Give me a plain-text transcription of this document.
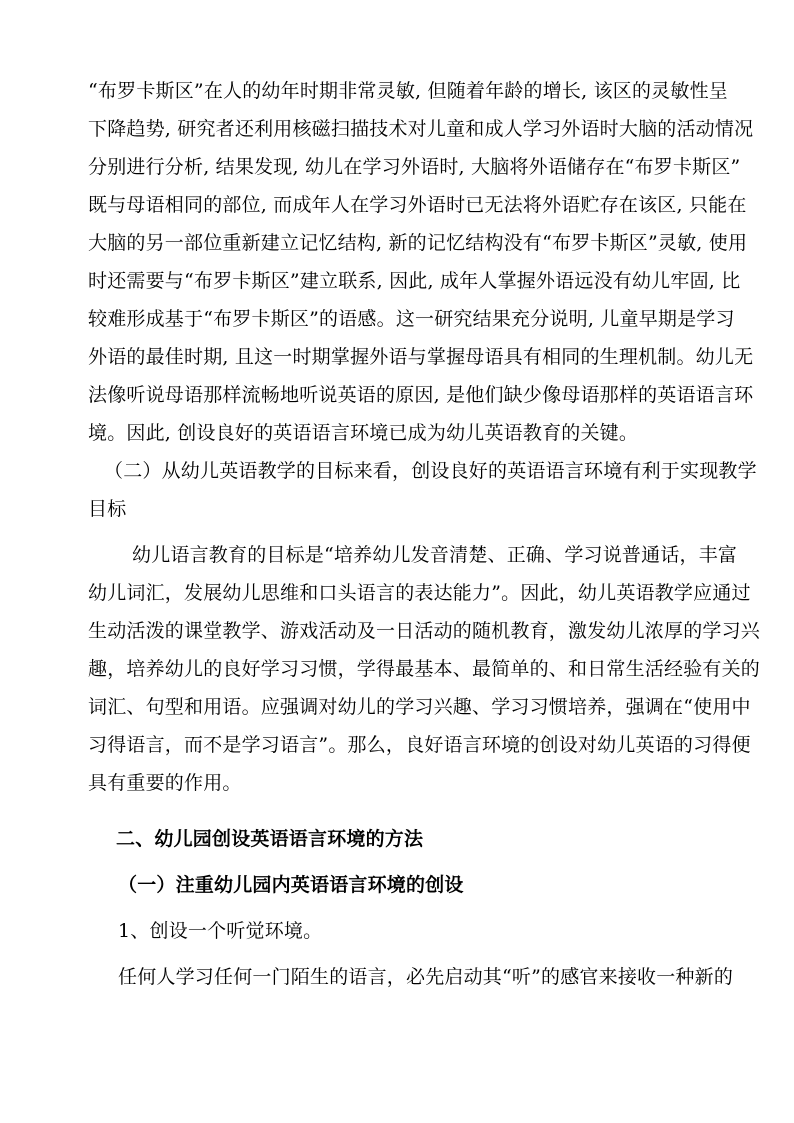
“布罗卡斯区”在人的幼年时期非常灵敏, 但随着年龄的增长, 该区的灵敏性呈
下降趋势, 研究者还利用核磁扫描技术对儿童和成人学习外语时大脑的活动情况
分别进行分析, 结果发现, 幼儿在学习外语时, 大脑将外语储存在“布罗卡斯区”
既与母语相同的部位, 而成年人在学习外语时已无法将外语贮存在该区, 只能在
大脑的另一部位重新建立记忆结构, 新的记忆结构没有“布罗卡斯区”灵敏, 使用
时还需要与“布罗卡斯区”建立联系, 因此, 成年人掌握外语远没有幼儿牢固, 比
较难形成基于“布罗卡斯区”的语感。这一研究结果充分说明, 儿童早期是学习
外语的最佳时期, 且这一时期掌握外语与掌握母语具有相同的生理机制。幼儿无
法像听说母语那样流畅地听说英语的原因, 是他们缺少像母语那样的英语语言环
境。因此, 创设良好的英语语言环境已成为幼儿英语教育的关键。
（二）从幼儿英语教学的目标来看，创设良好的英语语言环境有利于实现教学
目标
幼儿语言教育的目标是“培养幼儿发音清楚、正确、学习说普通话，丰富
幼儿词汇，发展幼儿思维和口头语言的表达能力”。因此，幼儿英语教学应通过
生动活泼的课堂教学、游戏活动及一日活动的随机教育，激发幼儿浓厚的学习兴
趣，培养幼儿的良好学习习惯，学得最基本、最简单的、和日常生活经验有关的
词汇、句型和用语。应强调对幼儿的学习兴趣、学习习惯培养，强调在“使用中
习得语言，而不是学习语言”。那么，良好语言环境的创设对幼儿英语的习得便
具有重要的作用。
二、幼儿园创设英语语言环境的方法
（一）注重幼儿园内英语语言环境的创设
1、创设一个听觉环境。
任何人学习任何一门陌生的语言，必先启动其“听”的感官来接收一种新的
